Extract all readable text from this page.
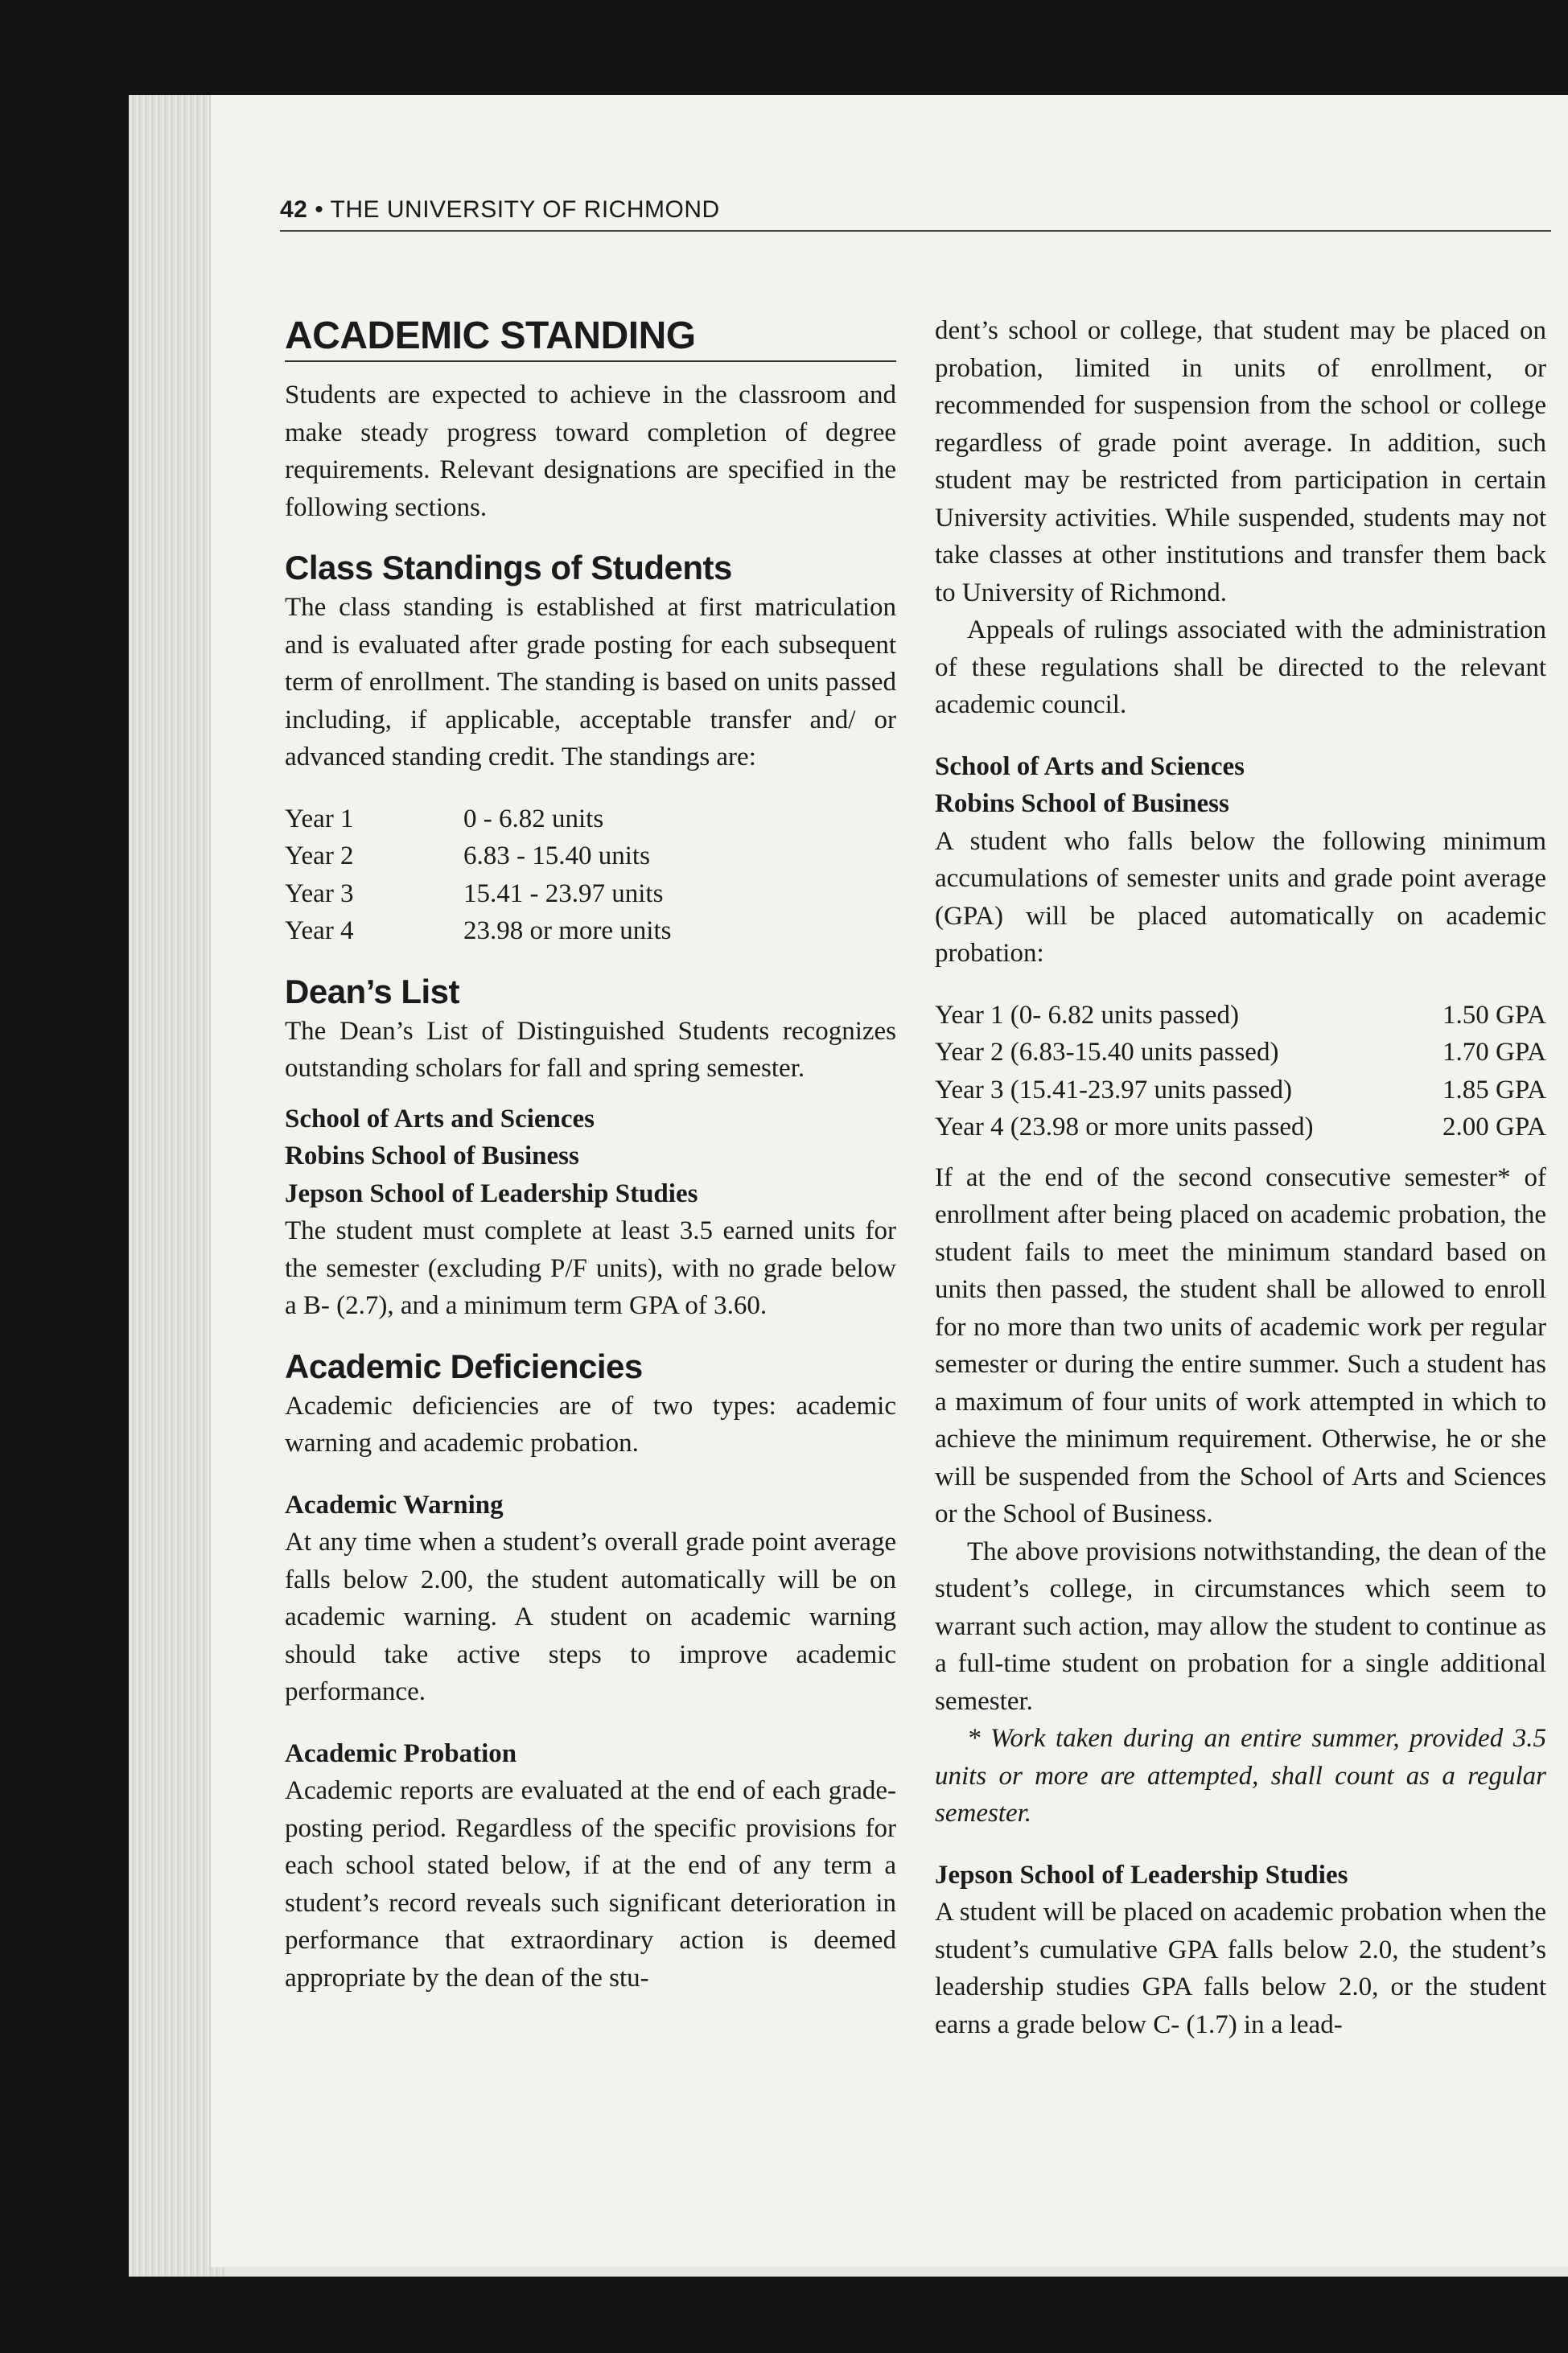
42 • THE UNIVERSITY OF RICHMOND
ACADEMIC STANDING

Students are expected to achieve in the classroom and make steady progress toward completion of degree requirements. Relevant designations are specified in the following sections.

Class Standings of Students

The class standing is established at first matriculation and is evaluated after grade posting for each subsequent term of enrollment. The standing is based on units passed including, if applicable, acceptable transfer and/ or advanced standing credit. The standings are:

Year 1	0 - 6.82 units
Year 2	6.83 - 15.40 units
Year 3	15.41 - 23.97 units
Year 4	23.98 or more units
Dean’s List

The Dean’s List of Distinguished Students recognizes outstanding scholars for fall and spring semester.

School of Arts and Sciences
Robins School of Business
Jepson School of Leadership Studies

The student must complete at least 3.5 earned units for the semester (excluding P/F units), with no grade below a B- (2.7), and a minimum term GPA of 3.60.

Academic Deficiencies

Academic deficiencies are of two types: academic warning and academic probation.

Academic Warning

At any time when a student’s overall grade point average falls below 2.00, the student automatically will be on academic warning. A student on academic warning should take active steps to improve academic performance.

Academic Probation

Academic reports are evaluated at the end of each grade-posting period. Regardless of the specific provisions for each school stated below, if at the end of any term a student’s record reveals such significant deterioration in performance that extraordinary action is deemed appropriate by the dean of the stu-

dent’s school or college, that student may be placed on probation, limited in units of enrollment, or recommended for suspension from the school or college regardless of grade point average. In addition, such student may be restricted from participation in certain University activities. While suspended, students may not take classes at other institutions and transfer them back to University of Richmond.

Appeals of rulings associated with the administration of these regulations shall be directed to the relevant academic council.

School of Arts and Sciences
Robins School of Business

A student who falls below the following minimum accumulations of semester units and grade point average (GPA) will be placed automatically on academic probation:

Year 1 (0- 6.82 units passed)	1.50 GPA
Year 2 (6.83-15.40 units passed)	1.70 GPA
Year 3 (15.41-23.97 units passed)	1.85 GPA
Year 4 (23.98 or more units passed)	2.00 GPA

If at the end of the second consecutive semester* of enrollment after being placed on academic probation, the student fails to meet the minimum standard based on units then passed, the student shall be allowed to enroll for no more than two units of academic work per regular semester or during the entire summer. Such a student has a maximum of four units of work attempted in which to achieve the minimum requirement. Otherwise, he or she will be suspended from the School of Arts and Sciences or the School of Business.

The above provisions notwithstanding, the dean of the student’s college, in circumstances which seem to warrant such action, may allow the student to continue as a full-time student on probation for a single additional semester.

* Work taken during an entire summer, provided 3.5 units or more are attempted, shall count as a regular semester.

Jepson School of Leadership Studies

A student will be placed on academic probation when the student’s cumulative GPA falls below 2.0, the student’s leadership studies GPA falls below 2.0, or the student earns a grade below C- (1.7) in a lead-
